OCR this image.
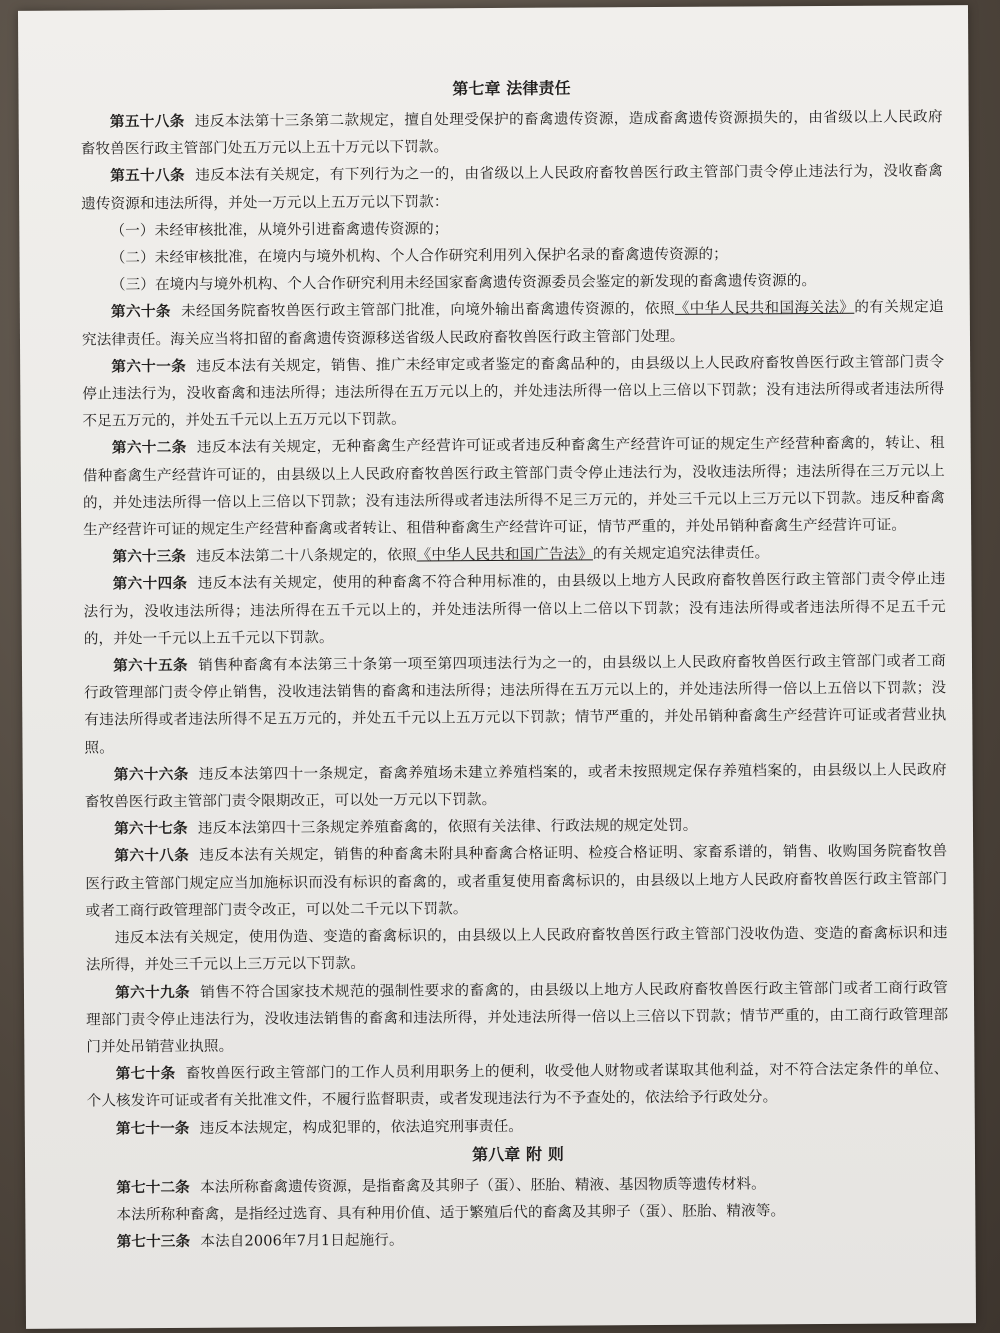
第七章 法律责任

第五十八条 违反本法第十三条第二款规定，擅自处理受保护的畜禽遗传资源，造成畜禽遗传资源损失的，由省级以上人民政府畜牧兽医行政主管部门处五万元以上五十万元以下罚款。

第五十八条 违反本法有关规定，有下列行为之一的，由省级以上人民政府畜牧兽医行政主管部门责令停止违法行为，没收畜禽遗传资源和违法所得，并处一万元以上五万元以下罚款：

（一）未经审核批准，从境外引进畜禽遗传资源的；

（二）未经审核批准，在境内与境外机构、个人合作研究利用列入保护名录的畜禽遗传资源的；

（三）在境内与境外机构、个人合作研究利用未经国家畜禽遗传资源委员会鉴定的新发现的畜禽遗传资源的。

第六十条 未经国务院畜牧兽医行政主管部门批准，向境外输出畜禽遗传资源的，依照《中华人民共和国海关法》的有关规定追究法律责任。海关应当将扣留的畜禽遗传资源移送省级人民政府畜牧兽医行政主管部门处理。

第六十一条 违反本法有关规定，销售、推广未经审定或者鉴定的畜禽品种的，由县级以上人民政府畜牧兽医行政主管部门责令停止违法行为，没收畜禽和违法所得；违法所得在五万元以上的，并处违法所得一倍以上三倍以下罚款；没有违法所得或者违法所得不足五万元的，并处五千元以上五万元以下罚款。

第六十二条 违反本法有关规定，无种畜禽生产经营许可证或者违反种畜禽生产经营许可证的规定生产经营种畜禽的，转让、租借种畜禽生产经营许可证的，由县级以上人民政府畜牧兽医行政主管部门责令停止违法行为，没收违法所得；违法所得在三万元以上的，并处违法所得一倍以上三倍以下罚款；没有违法所得或者违法所得不足三万元的，并处三千元以上三万元以下罚款。违反种畜禽生产经营许可证的规定生产经营种畜禽或者转让、租借种畜禽生产经营许可证，情节严重的，并处吊销种畜禽生产经营许可证。

第六十三条 违反本法第二十八条规定的，依照《中华人民共和国广告法》的有关规定追究法律责任。

第六十四条 违反本法有关规定，使用的种畜禽不符合种用标准的，由县级以上地方人民政府畜牧兽医行政主管部门责令停止违法行为，没收违法所得；违法所得在五千元以上的，并处违法所得一倍以上二倍以下罚款；没有违法所得或者违法所得不足五千元的，并处一千元以上五千元以下罚款。

第六十五条 销售种畜禽有本法第三十条第一项至第四项违法行为之一的，由县级以上人民政府畜牧兽医行政主管部门或者工商行政管理部门责令停止销售，没收违法销售的畜禽和违法所得；违法所得在五万元以上的，并处违法所得一倍以上五倍以下罚款；没有违法所得或者违法所得不足五万元的，并处五千元以上五万元以下罚款；情节严重的，并处吊销种畜禽生产经营许可证或者营业执照。

第六十六条 违反本法第四十一条规定，畜禽养殖场未建立养殖档案的，或者未按照规定保存养殖档案的，由县级以上人民政府畜牧兽医行政主管部门责令限期改正，可以处一万元以下罚款。

第六十七条 违反本法第四十三条规定养殖畜禽的，依照有关法律、行政法规的规定处罚。

第六十八条 违反本法有关规定，销售的种畜禽未附具种畜禽合格证明、检疫合格证明、家畜系谱的，销售、收购国务院畜牧兽医行政主管部门规定应当加施标识而没有标识的畜禽的，或者重复使用畜禽标识的，由县级以上地方人民政府畜牧兽医行政主管部门或者工商行政管理部门责令改正，可以处二千元以下罚款。

违反本法有关规定，使用伪造、变造的畜禽标识的，由县级以上人民政府畜牧兽医行政主管部门没收伪造、变造的畜禽标识和违法所得，并处三千元以上三万元以下罚款。

第六十九条 销售不符合国家技术规范的强制性要求的畜禽的，由县级以上地方人民政府畜牧兽医行政主管部门或者工商行政管理部门责令停止违法行为，没收违法销售的畜禽和违法所得，并处违法所得一倍以上三倍以下罚款；情节严重的，由工商行政管理部门并处吊销营业执照。

第七十条 畜牧兽医行政主管部门的工作人员利用职务上的便利，收受他人财物或者谋取其他利益，对不符合法定条件的单位、个人核发许可证或者有关批准文件，不履行监督职责，或者发现违法行为不予查处的，依法给予行政处分。

第七十一条 违反本法规定，构成犯罪的，依法追究刑事责任。

第八章 附 则

第七十二条 本法所称畜禽遗传资源，是指畜禽及其卵子（蛋）、胚胎、精液、基因物质等遗传材料。

本法所称种畜禽，是指经过选育、具有种用价值、适于繁殖后代的畜禽及其卵子（蛋）、胚胎、精液等。

第七十三条 本法自2006年7月1日起施行。
